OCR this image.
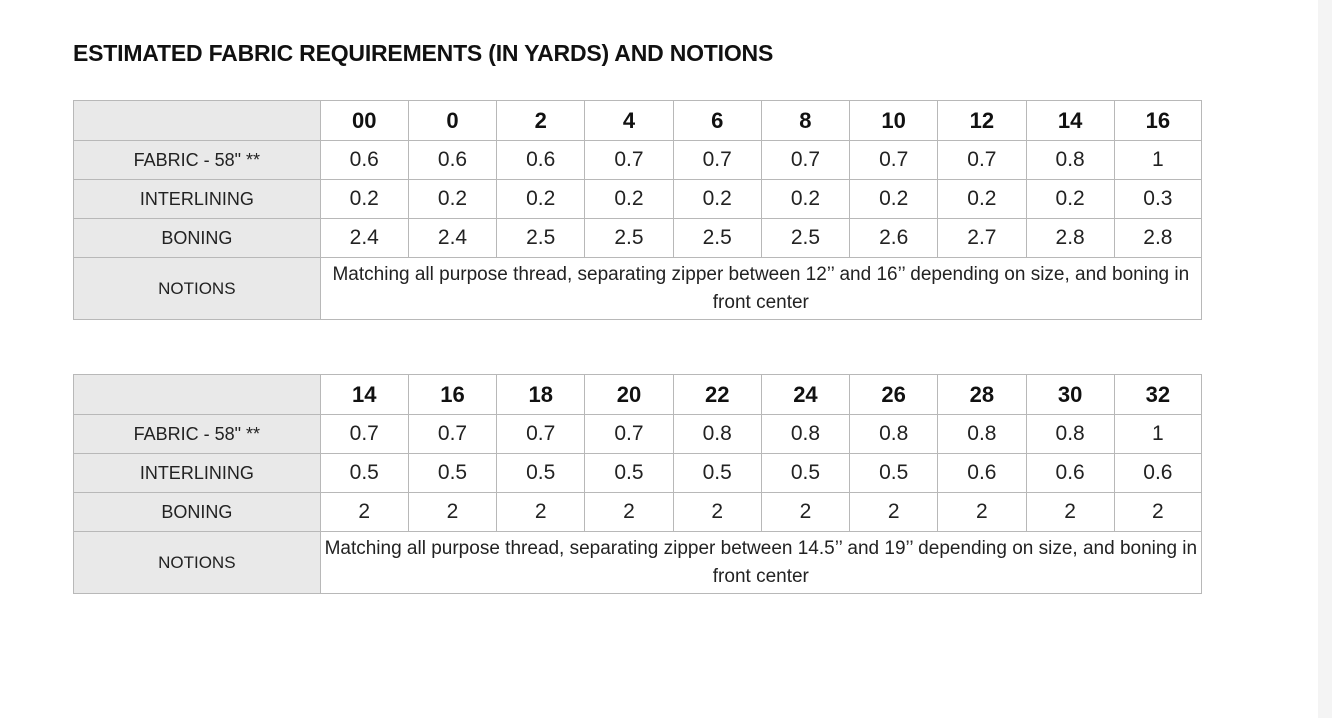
ESTIMATED FABRIC REQUIREMENTS (IN YARDS) AND NOTIONS
	00	0	2	4	6	8	10	12	14	16
FABRIC - 58" **	0.6	0.6	0.6	0.7	0.7	0.7	0.7	0.7	0.8	1
INTERLINING	0.2	0.2	0.2	0.2	0.2	0.2	0.2	0.2	0.2	0.3
BONING	2.4	2.4	2.5	2.5	2.5	2.5	2.6	2.7	2.8	2.8
NOTIONS	Matching all purpose thread, separating zipper between 12’’ and 16’’ depending on size, and boning in front center									
	14	16	18	20	22	24	26	28	30	32
FABRIC - 58" **	0.7	0.7	0.7	0.7	0.8	0.8	0.8	0.8	0.8	1
INTERLINING	0.5	0.5	0.5	0.5	0.5	0.5	0.5	0.6	0.6	0.6
BONING	2	2	2	2	2	2	2	2	2	2
NOTIONS	Matching all purpose thread, separating zipper between 14.5’’ and 19’’ depending on size, and boning in front center									
